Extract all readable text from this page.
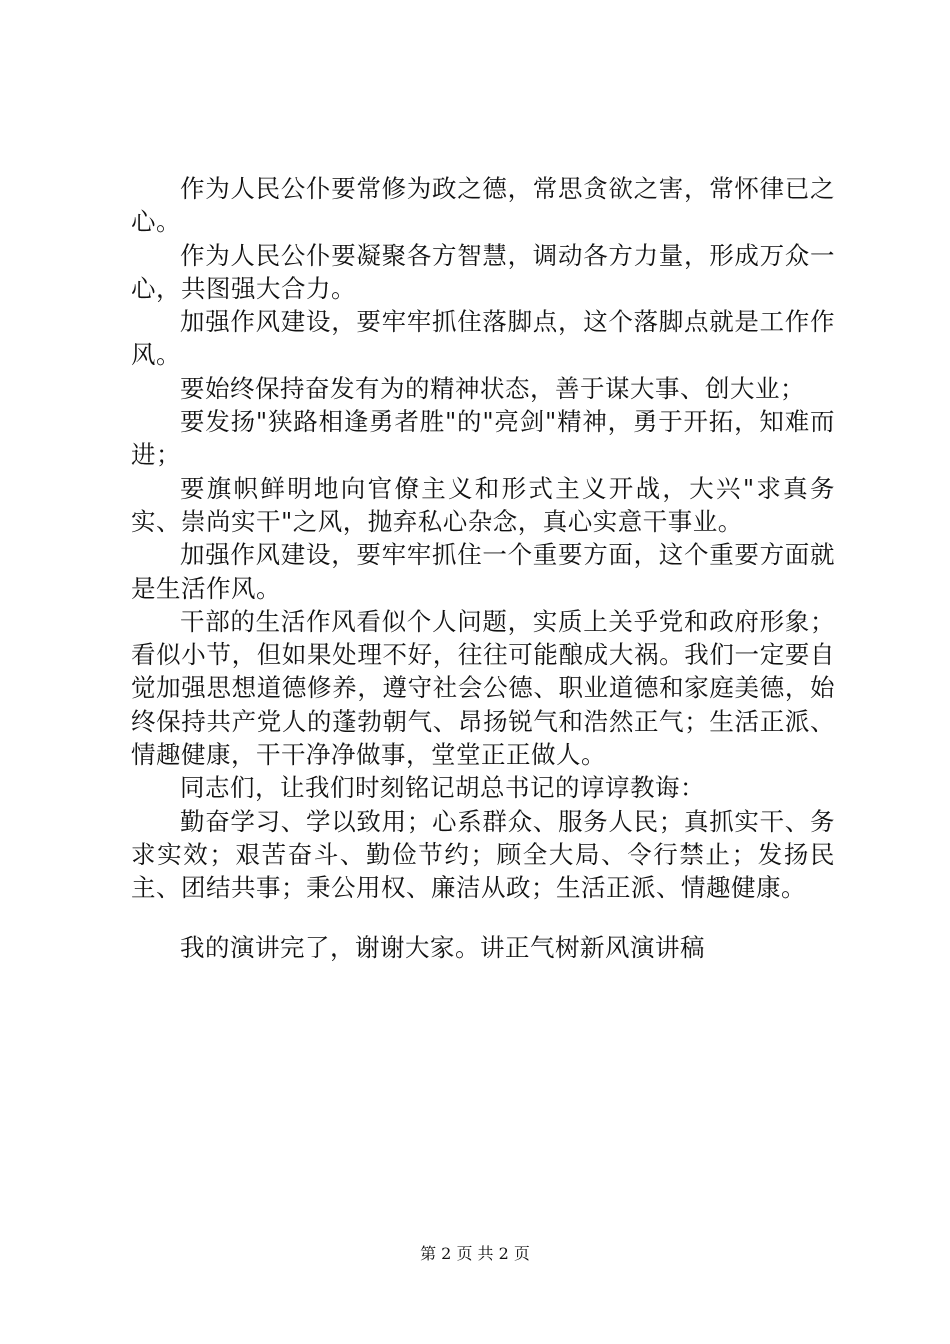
作为人民公仆要常修为政之德，常思贪欲之害，常怀律已之心。

作为人民公仆要凝聚各方智慧，调动各方力量，形成万众一心，共图强大合力。

加强作风建设，要牢牢抓住落脚点，这个落脚点就是工作作风。

要始终保持奋发有为的精神状态，善于谋大事、创大业；

要发扬"狭路相逢勇者胜"的"亮剑"精神，勇于开拓，知难而进；

要旗帜鲜明地向官僚主义和形式主义开战，大兴"求真务实、崇尚实干"之风，抛弃私心杂念，真心实意干事业。

加强作风建设，要牢牢抓住一个重要方面，这个重要方面就是生活作风。

干部的生活作风看似个人问题，实质上关乎党和政府形象；看似小节，但如果处理不好，往往可能酿成大祸。我们一定要自觉加强思想道德修养，遵守社会公德、职业道德和家庭美德，始终保持共产党人的蓬勃朝气、昂扬锐气和浩然正气；生活正派、情趣健康，干干净净做事，堂堂正正做人。

同志们，让我们时刻铭记胡总书记的谆谆教诲：

勤奋学习、学以致用；心系群众、服务人民；真抓实干、务求实效；艰苦奋斗、勤俭节约；顾全大局、令行禁止；发扬民主、团结共事；秉公用权、廉洁从政；生活正派、情趣健康。

我的演讲完了，谢谢大家。讲正气树新风演讲稿

第 2 页 共 2 页
